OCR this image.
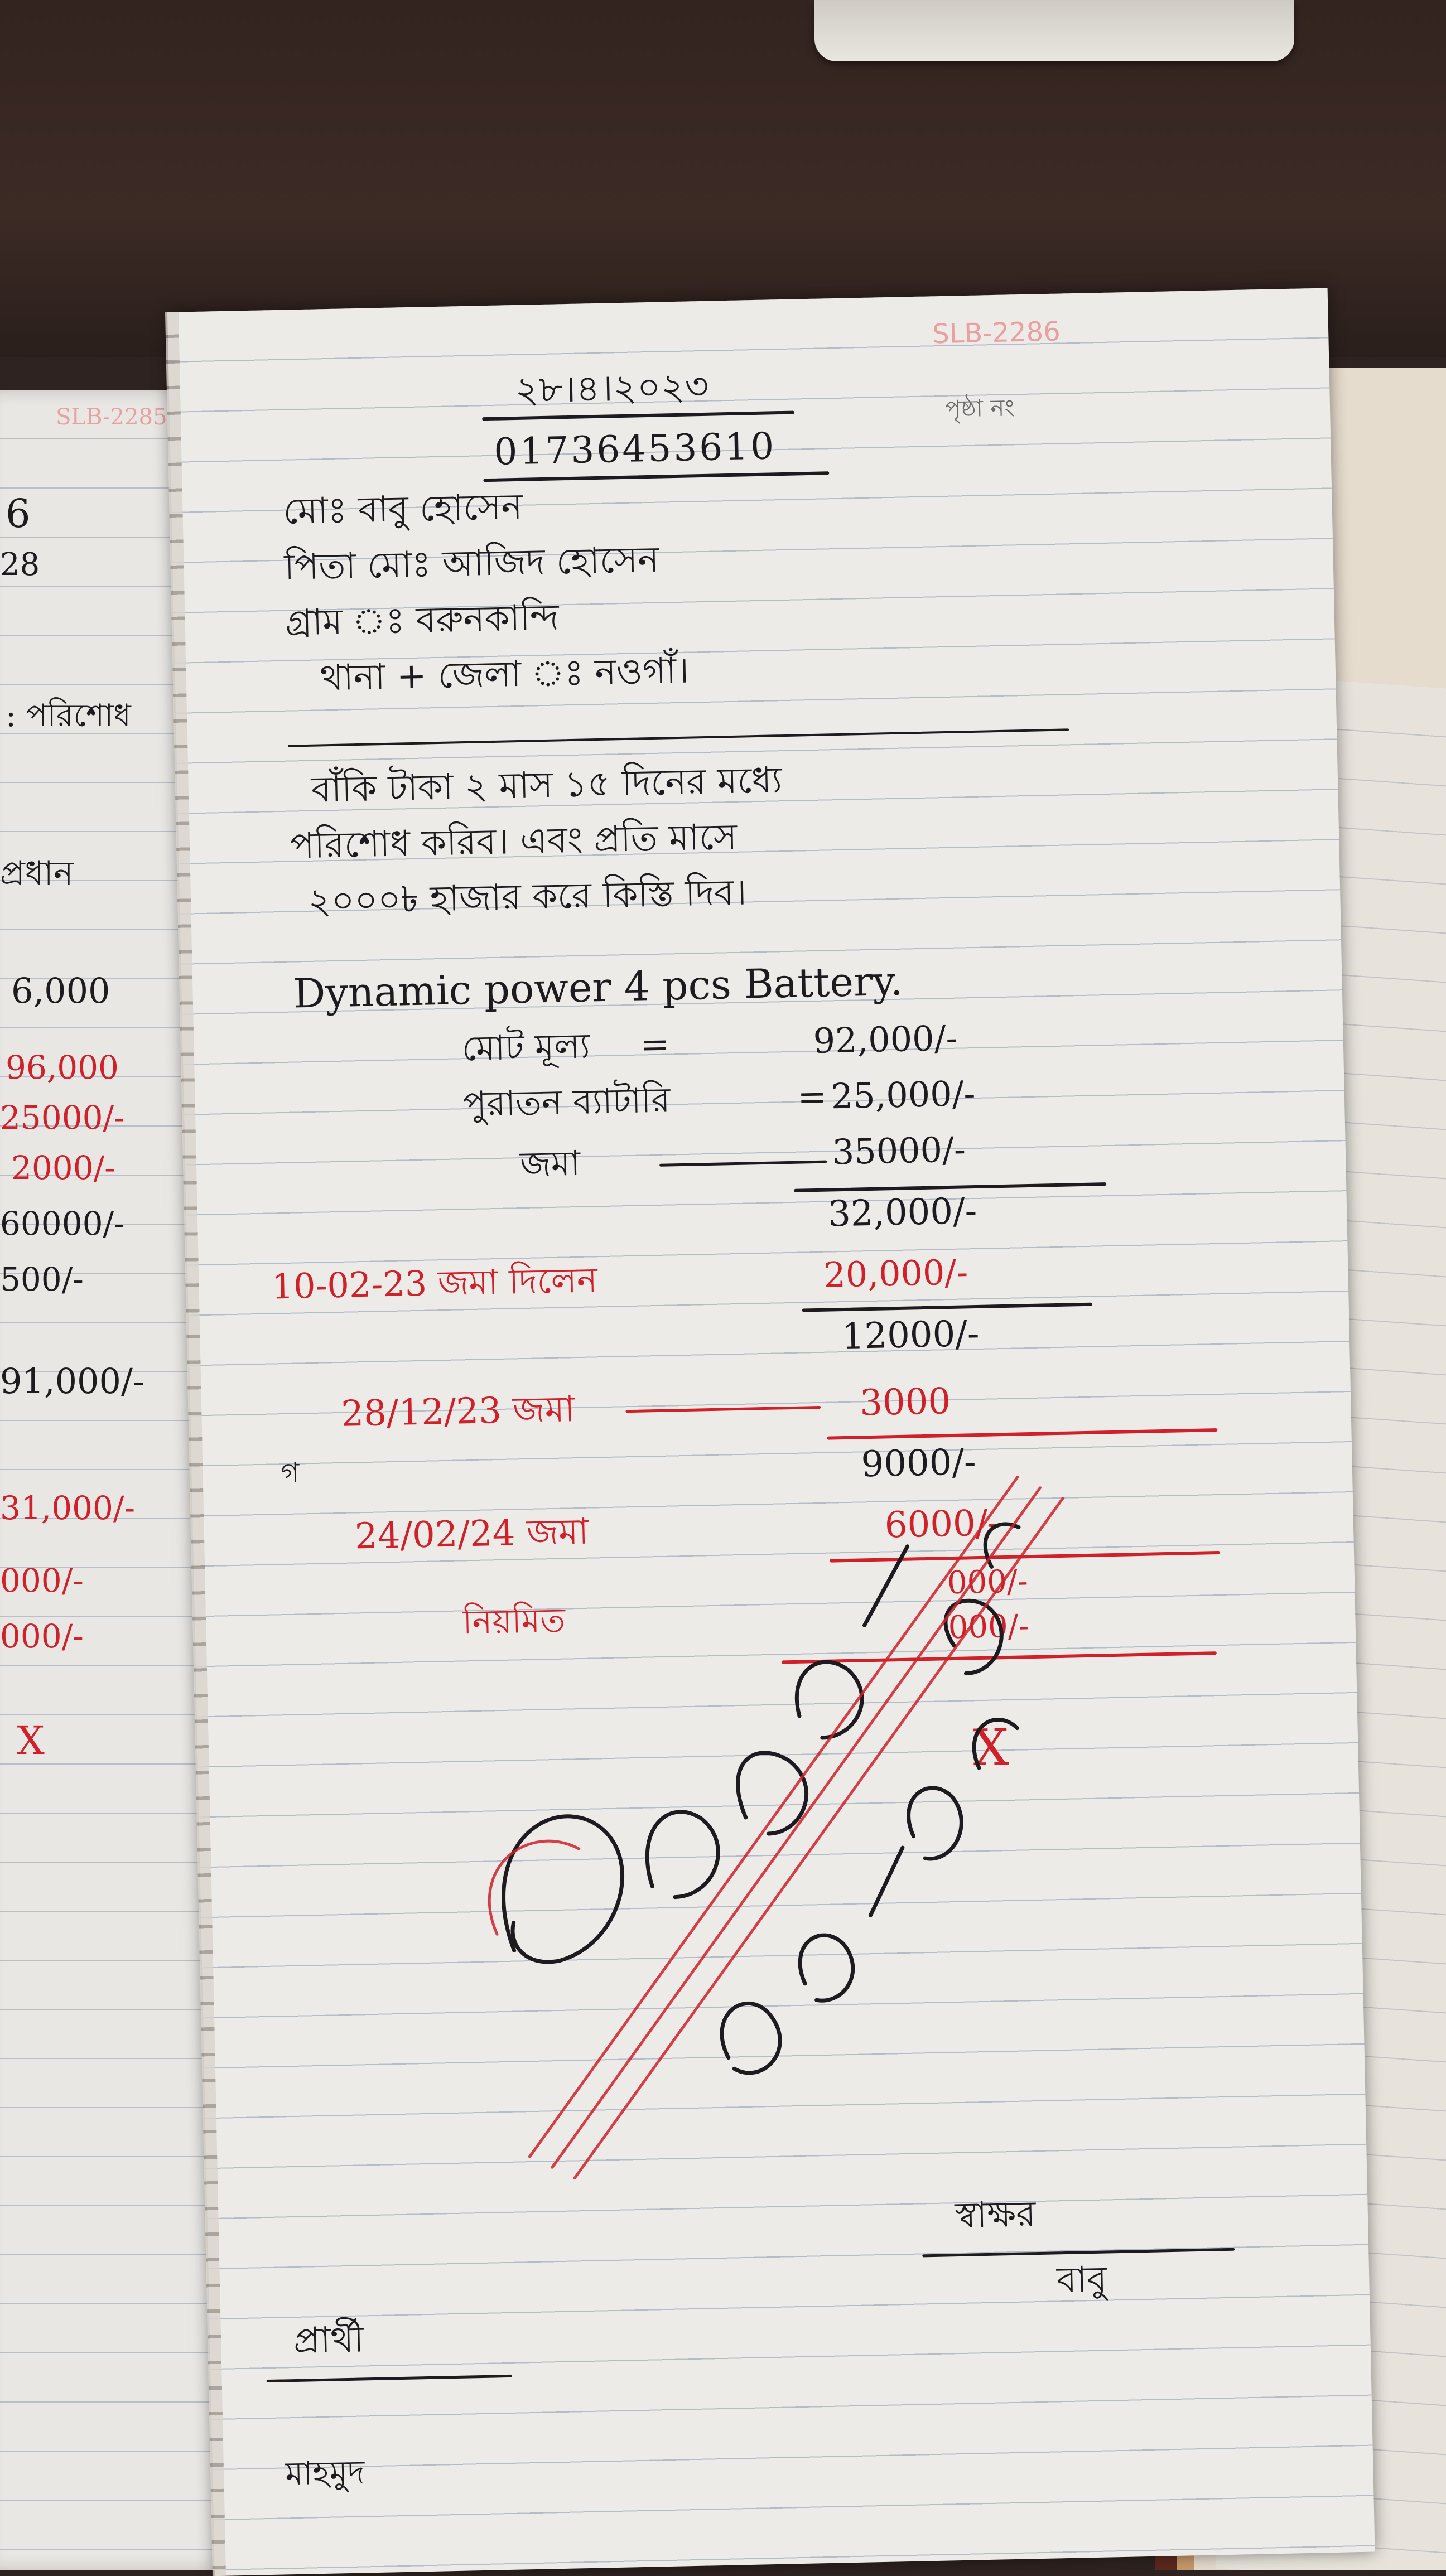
SLB-2285
6
28
: পরিশোধ
প্রধান
6,000
96,000
25000/-
2000/-
60000/-
500/-
91,000/-
31,000/-
000/-
000/-
X
SLB-2286
পৃষ্ঠা নং
২৮।৪।২০২৩
01736453610
মোঃ বাবু হোসেন
পিতা মোঃ আজিদ হোসেন
গ্রাম ঃ বরুনকান্দি
থানা + জেলা ঃ নওগাঁ।
বাঁকি টাকা ২ মাস ১৫ দিনের মধ্যে
পরিশোধ করিব। এবং প্রতি মাসে
২০০০৳ হাজার করে কিস্তি দিব।
Dynamic power 4 pcs Battery.
মোট মূল্য =	92,000/-
পুরাতন ব্যাটারি	= 25,000/-
জমা	35000/-
32,000/-
10-02-23 জমা দিলেন	20,000/-
12000/-
28/12/23 জমা	3000
9000/-
24/02/24 জমা	6000/-
000/-
000/-
নিয়মিত
গ
X
প্রার্থী
মাহমুদ
স্বাক্ষর
বাবু
